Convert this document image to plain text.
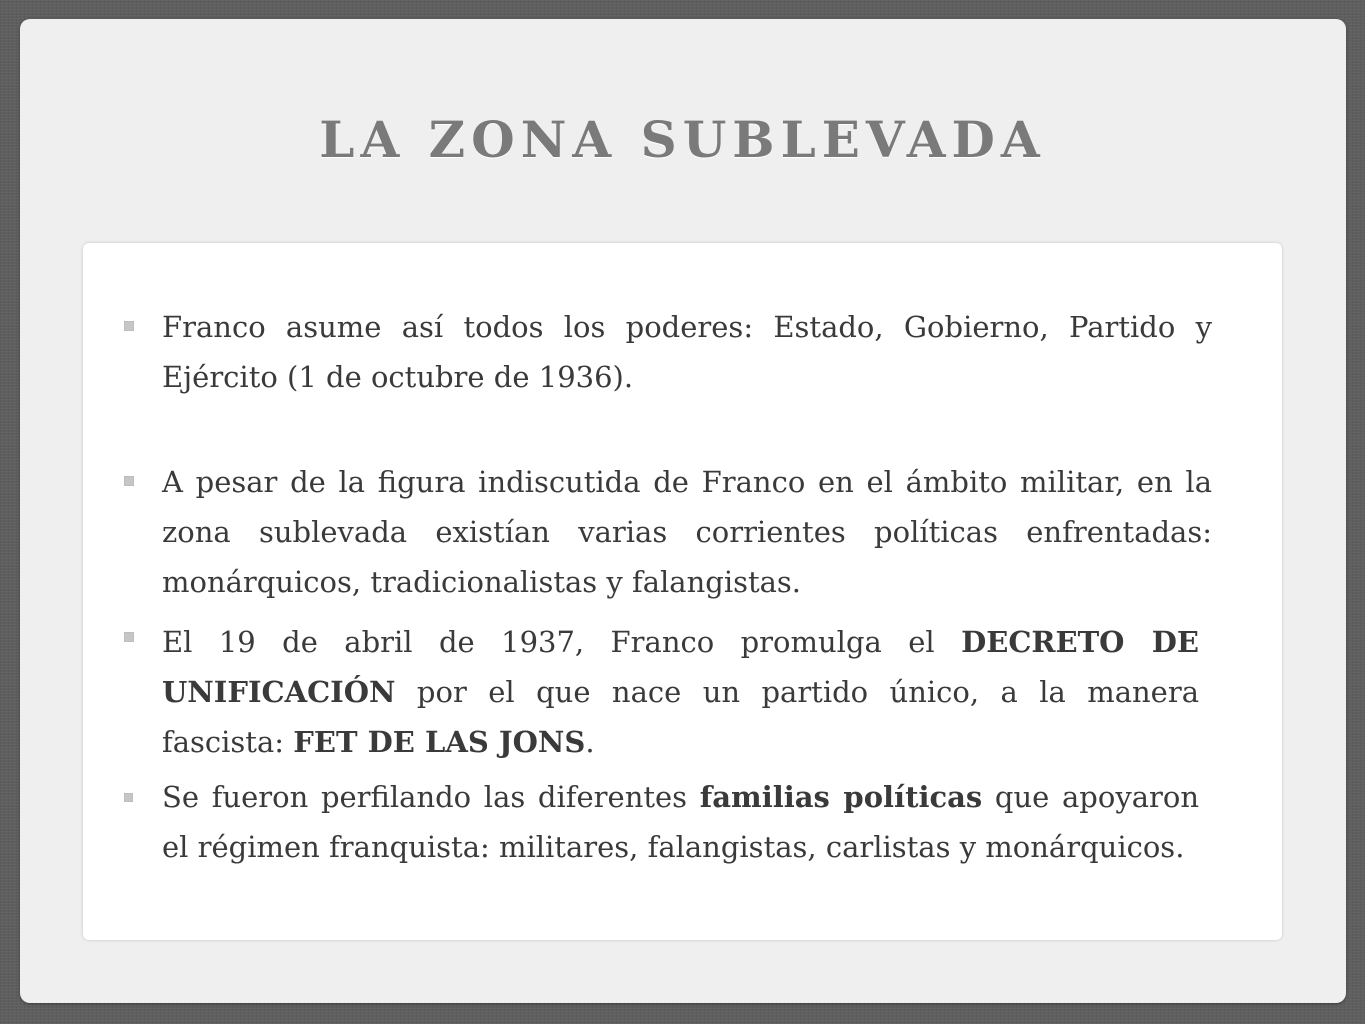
LA ZONA SUBLEVADA

Franco asume así todos los poderes: Estado, Gobierno, Partido y Ejército (1 de octubre de 1936).

A pesar de la figura indiscutida de Franco en el ámbito militar, en la zona sublevada existían varias corrientes políticas enfrentadas: monárquicos, tradicionalistas y falangistas.

El 19 de abril de 1937, Franco promulga el DECRETO DE UNIFICACIÓN por el que nace un partido único, a la manera fascista: FET DE LAS JONS.

Se fueron perfilando las diferentes familias políticas que apoyaron el régimen franquista: militares, falangistas, carlistas y monárquicos.
